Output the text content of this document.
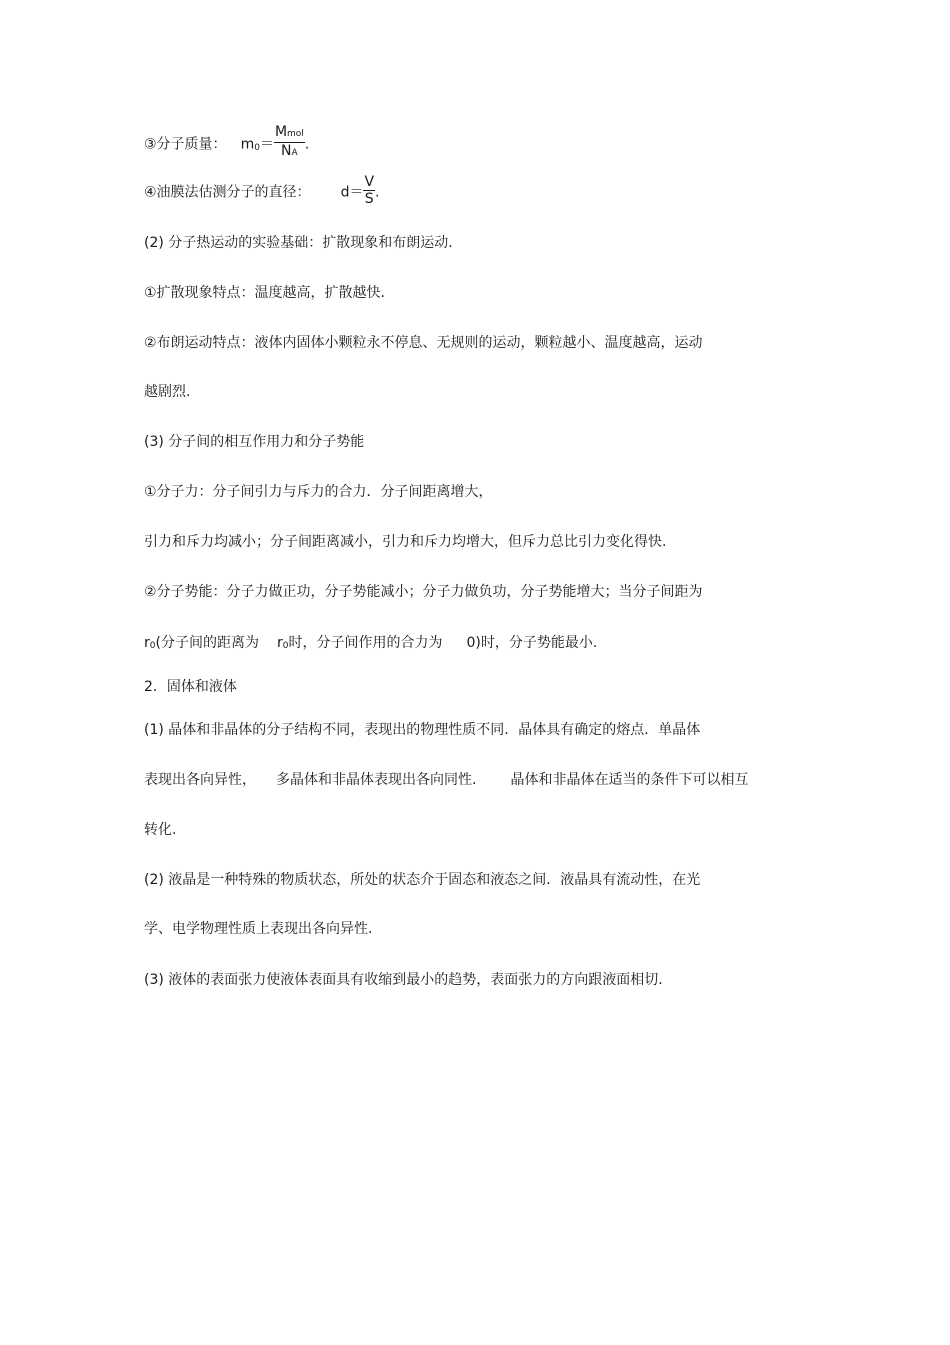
③分子质量： $m0= \frac{\text{Mmol}}{NA}$ .
④油膜法估测分子的直径： $d= \frac{V}{S}$ .
(2) 分子热运动的实验基础：扩散现象和布朗运动.
①扩散现象特点：温度越高，扩散越快.
②布朗运动特点：液体内固体小颗粒永不停息、无规则的运动，颗粒越小、温度越高，运动
越剧烈.
(3) 分子间的相互作用力和分子势能
①分子力：分子间引力与斥力的合力．分子间距离增大，
引力和斥力均减小；分子间距离减小，引力和斥力均增大，但斥力总比引力变化得快.
②分子势能：分子力做正功，分子势能减小；分子力做负功，分子势能增大；当分子间距为
r0(分子间的距离为 r0时，分子间作用的合力为 0)时，分子势能最小.
2．固体和液体
(1) 晶体和非晶体的分子结构不同，表现出的物理性质不同．晶体具有确定的熔点．单晶体
表现出各向异性， 多晶体和非晶体表现出各向同性. 晶体和非晶体在适当的条件下可以相互
转化.
(2) 液晶是一种特殊的物质状态，所处的状态介于固态和液态之间．液晶具有流动性，在光
学、电学物理性质上表现出各向异性.
(3) 液体的表面张力使液体表面具有收缩到最小的趋势，表面张力的方向跟液面相切.
